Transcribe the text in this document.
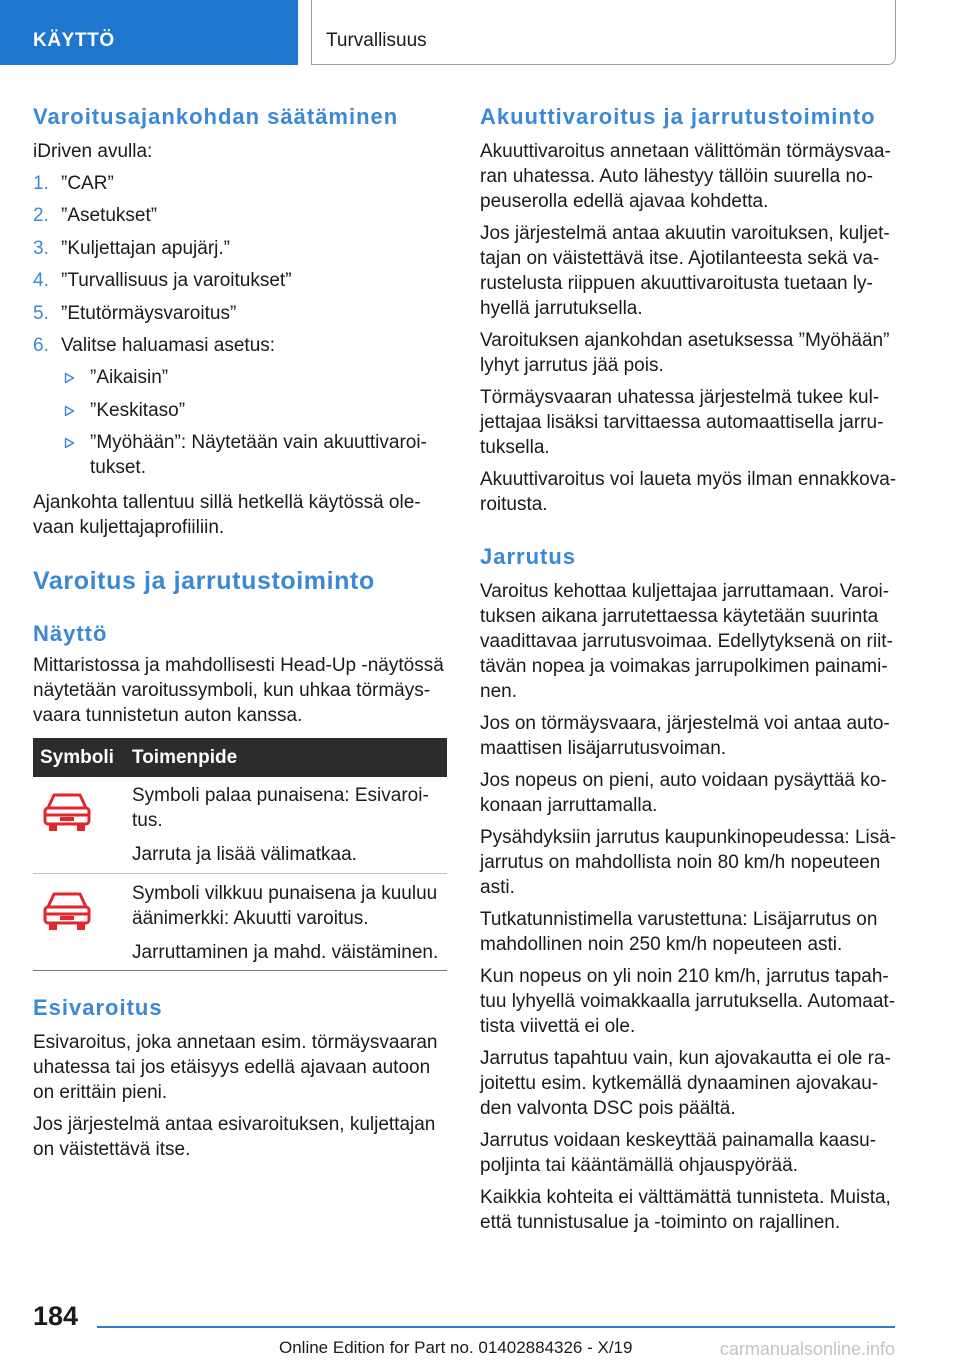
KÄYTTÖ	Turvallisuus
Varoitusajankohdan säätäminen

iDriven avulla:

1. ”CAR”
2. ”Asetukset”
3. ”Kuljettajan apujärj.”
4. ”Turvallisuus ja varoitukset”
5. ”Etutörmäysvaroitus”
6. Valitse haluamasi asetus:
”Aikaisin”
”Keskitaso”
”Myöhään”: Näytetään vain akuuttivaroi-
tukset.

Ajankohta tallentuu sillä hetkellä käytössä ole-
vaan kuljettajaprofiiliin.

Varoitus ja jarrutustoiminto
Näyttö

Mittaristossa ja mahdollisesti Head-Up -näytössä
näytetään varoitussymboli, kun uhkaa törmäys-
vaara tunnistetun auton kanssa.

Symboli Toimenpide

Symboli palaa punaisena: Esivaroi-
tus.

Jarruta ja lisää välimatkaa.

Symboli vilkkuu punaisena ja kuuluu
äänimerkki: Akuutti varoitus.

Jarruttaminen ja mahd. väistäminen.

Esivaroitus

Esivaroitus, joka annetaan esim. törmäysvaaran
uhatessa tai jos etäisyys edellä ajavaan autoon
on erittäin pieni.

Jos järjestelmä antaa esivaroituksen, kuljettajan
on väistettävä itse.

Akuuttivaroitus ja jarrutustoiminto

Akuuttivaroitus annetaan välittömän törmäysvaa-
ran uhatessa. Auto lähestyy tällöin suurella no-
peuserolla edellä ajavaa kohdetta.

Jos järjestelmä antaa akuutin varoituksen, kuljet-
tajan on väistettävä itse. Ajotilanteesta sekä va-
rustelusta riippuen akuuttivaroitusta tuetaan ly-
hyellä jarrutuksella.

Varoituksen ajankohdan asetuksessa ”Myöhään”
lyhyt jarrutus jää pois.

Törmäysvaaran uhatessa järjestelmä tukee kul-
jettajaa lisäksi tarvittaessa automaattisella jarru-
tuksella.

Akuuttivaroitus voi laueta myös ilman ennakkova-
roitusta.

Jarrutus

Varoitus kehottaa kuljettajaa jarruttamaan. Varoi-
tuksen aikana jarrutettaessa käytetään suurinta
vaadittavaa jarrutusvoimaa. Edellytyksenä on riit-
tävän nopea ja voimakas jarrupolkimen painami-
nen.

Jos on törmäysvaara, järjestelmä voi antaa auto-
maattisen lisäjarrutusvoiman.

Jos nopeus on pieni, auto voidaan pysäyttää ko-
konaan jarruttamalla.

Pysähdyksiin jarrutus kaupunkinopeudessa: Lisä-
jarrutus on mahdollista noin 80 km/h nopeuteen
asti.

Tutkatunnistimella varustettuna: Lisäjarrutus on
mahdollinen noin 250 km/h nopeuteen asti.

Kun nopeus on yli noin 210 km/h, jarrutus tapah-
tuu lyhyellä voimakkaalla jarrutuksella. Automaat-
tista viivettä ei ole.

Jarrutus tapahtuu vain, kun ajovakautta ei ole ra-
joitettu esim. kytkemällä dynaaminen ajovakau-
den valvonta DSC pois päältä.

Jarrutus voidaan keskeyttää painamalla kaasu-
poljinta tai kääntämällä ohjauspyörää.

Kaikkia kohteita ei välttämättä tunnisteta. Muista,
että tunnistusalue ja -toiminto on rajallinen.

184
Online Edition for Part no. 01402884326 - X/19	carmanualsonline.info
